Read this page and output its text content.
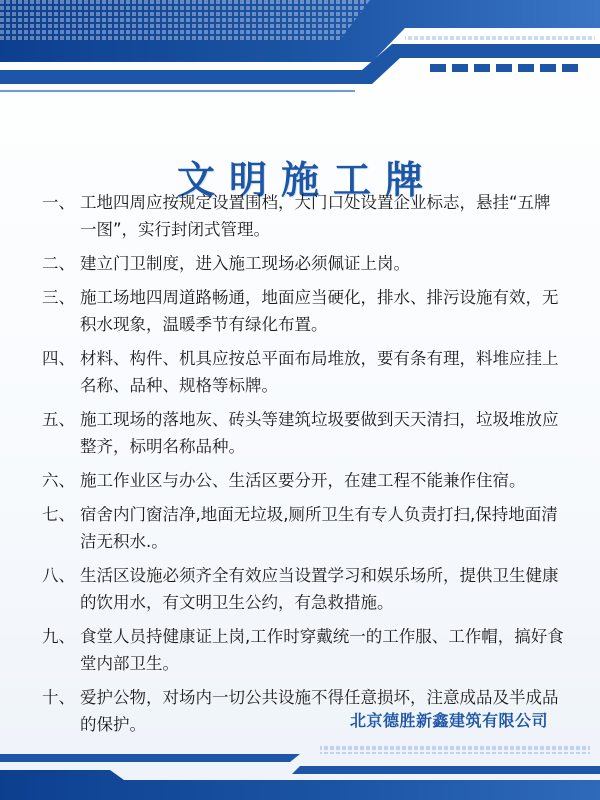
文明施工牌
一、 工地四周应按规定设置围档，大门口处设置企业标志，悬挂“五牌一图”，实行封闭式管理。
二、 建立门卫制度，进入施工现场必须佩证上岗。
三、 施工场地四周道路畅通，地面应当硬化，排水、排污设施有效，无积水现象，温暖季节有绿化布置。
四、 材料、构件、机具应按总平面布局堆放，要有条有理，料堆应挂上名称、品种、规格等标牌。
五、 施工现场的落地灰、砖头等建筑垃圾要做到天天清扫，垃圾堆放应整齐，标明名称品种。
六、 施工作业区与办公、生活区要分开，在建工程不能兼作住宿。
七、 宿舍内门窗洁净,地面无垃圾,厕所卫生有专人负责打扫,保持地面清洁无积水.。
八、 生活区设施必须齐全有效应当设置学习和娱乐场所，提供卫生健康的饮用水，有文明卫生公约，有急救措施。
九、 食堂人员持健康证上岗,工作时穿戴统一的工作服、工作帽，搞好食堂内部卫生。
十、 爱护公物，对场内一切公共设施不得任意损坏，注意成品及半成品的保护。	北京德胜新鑫建筑有限公司
